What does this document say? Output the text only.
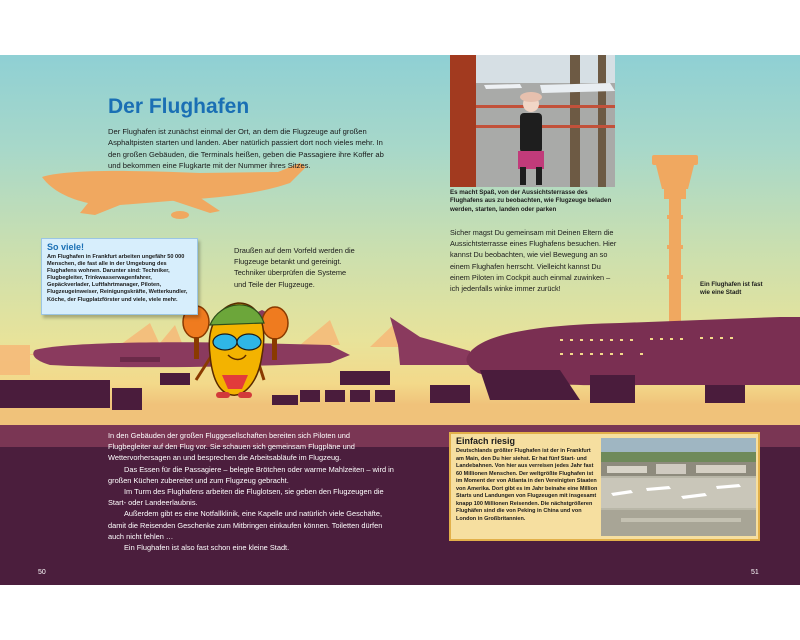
Der Flughafen

Der Flughafen ist zunächst einmal der Ort, an dem die Flugzeuge auf großen Asphaltpisten starten und landen. Aber natürlich passiert dort noch vieles mehr. In den großen Gebäuden, die Terminals heißen, geben die Passagiere ihre Koffer ab und bekommen eine Flugkarte mit der Nummer ihres Sitzes.

So viele!
Am Flughafen in Frankfurt arbeiten ungefähr 50 000 Menschen, die fast alle in der Umgebung des Flughafens wohnen. Darunter sind: Techniker, Flugbegleiter, Trinkwasserwagenfahrer, Gepäckverlader, Luftfahrtmanager, Piloten, Flugzeugeinweiser, Reinigungskräfte, Wetterkundler, Köche, der Flugplatzförster und viele, viele mehr.

Draußen auf dem Vorfeld werden die Flugzeuge betankt und gereinigt. Techniker überprüfen die Systeme und Teile der Flugzeuge.

Es macht Spaß, von der Aussichtsterrasse des Flughafens aus zu beobachten, wie Flugzeuge beladen werden, starten, landen oder parken

Sicher magst Du gemeinsam mit Deinen Eltern die Aussichtsterrasse eines Flughafens besuchen. Hier kannst Du beobachten, wie viel Bewegung an so einem Flughafen herrscht. Vielleicht kannst Du einem Piloten im Cockpit auch einmal zuwinken – ich jedenfalls winke immer zurück!	Ein Flughafen ist fast wie eine Stadt

In den Gebäuden der großen Fluggesellschaften bereiten sich Piloten und Flugbegleiter auf den Flug vor. Sie schauen sich gemeinsam Flugpläne und Wettervorhersagen an und besprechen die Arbeitsabläufe im Flugzeug.

Das Essen für die Passagiere – belegte Brötchen oder warme Mahlzeiten – wird in großen Küchen zubereitet und zum Flugzeug gebracht.

Im Turm des Flughafens arbeiten die Fluglotsen, sie geben den Flugzeugen die Start- oder Landeerlaubnis.

Außerdem gibt es eine Notfallklinik, eine Kapelle und natürlich viele Geschäfte, damit die Reisenden Geschenke zum Mitbringen einkaufen können. Toiletten dürfen auch nicht fehlen …

Ein Flughafen ist also fast schon eine kleine Stadt.

Einfach riesig
Deutschlands größter Flughafen ist der in Frankfurt am Main, den Du hier siehst. Er hat fünf Start- und Landebahnen. Von hier aus verreisen jedes Jahr fast 60 Millionen Menschen. Der weltgrößte Flughafen ist im Moment der von Atlanta in den Vereinigten Staaten von Amerika. Dort gibt es im Jahr beinahe eine Million Starts und Landungen von Flugzeugen mit insgesamt knapp 100 Millionen Reisenden. Die nächstgrößeren Flughäfen sind die von Peking in China und von London in Großbritannien.
50	51
